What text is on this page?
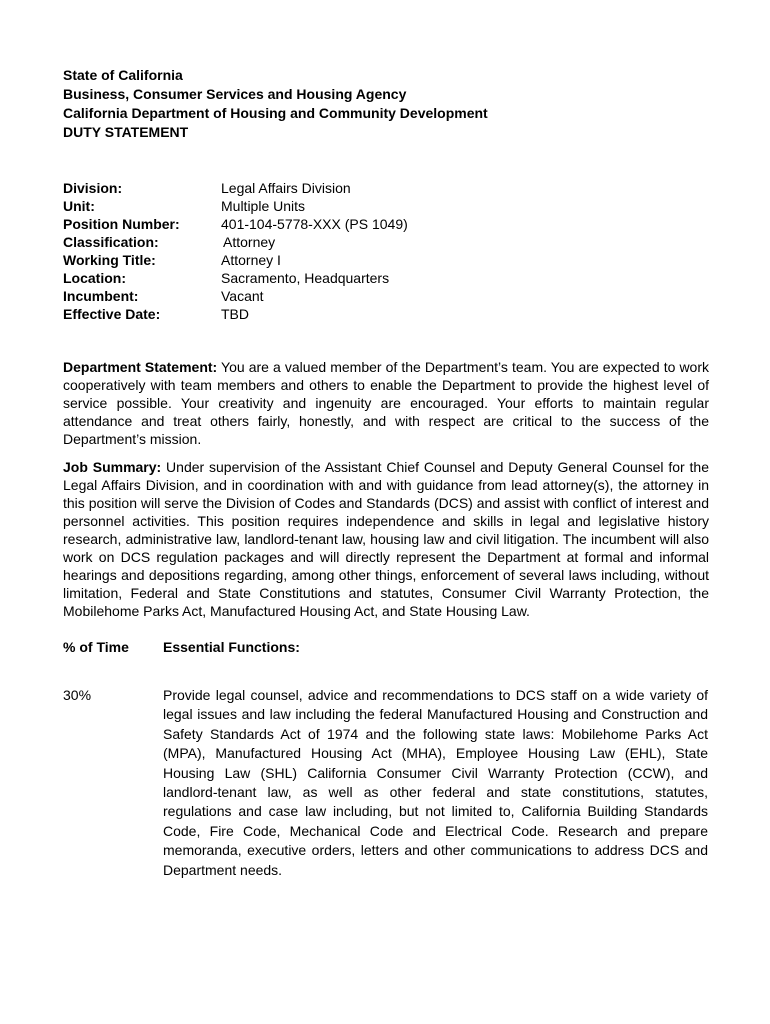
State of California
Business, Consumer Services and Housing Agency
California Department of Housing and Community Development
DUTY STATEMENT
Division:	Legal Affairs Division
Unit:	Multiple Units
Position Number:	401-104-5778-XXX (PS 1049)
Classification:	Attorney
Working Title:	Attorney I
Location:	Sacramento, Headquarters
Incumbent:	Vacant
Effective Date:	TBD

Department Statement: You are a valued member of the Department’s team. You are expected to work cooperatively with team members and others to enable the Department to provide the highest level of service possible. Your creativity and ingenuity are encouraged. Your efforts to maintain regular attendance and treat others fairly, honestly, and with respect are critical to the success of the Department’s mission.

Job Summary: Under supervision of the Assistant Chief Counsel and Deputy General Counsel for the Legal Affairs Division, and in coordination with and with guidance from lead attorney(s), the attorney in this position will serve the Division of Codes and Standards (DCS) and assist with conflict of interest and personnel activities. This position requires independence and skills in legal and legislative history research, administrative law, landlord-tenant law, housing law and civil litigation. The incumbent will also work on DCS regulation packages and will directly represent the Department at formal and informal hearings and depositions regarding, among other things, enforcement of several laws including, without limitation, Federal and State Constitutions and statutes, Consumer Civil Warranty Protection, the Mobilehome Parks Act, Manufactured Housing Act, and State Housing Law.

% of Time	Essential Functions:
30%	Provide legal counsel, advice and recommendations to DCS staff on a wide variety of legal issues and law including the federal Manufactured Housing and Construction and Safety Standards Act of 1974 and the following state laws: Mobilehome Parks Act (MPA), Manufactured Housing Act (MHA), Employee Housing Law (EHL), State Housing Law (SHL) California Consumer Civil Warranty Protection (CCW), and landlord-tenant law, as well as other federal and state constitutions, statutes, regulations and case law including, but not limited to, California Building Standards Code, Fire Code, Mechanical Code and Electrical Code. Research and prepare memoranda, executive orders, letters and other communications to address DCS and Department needs.
